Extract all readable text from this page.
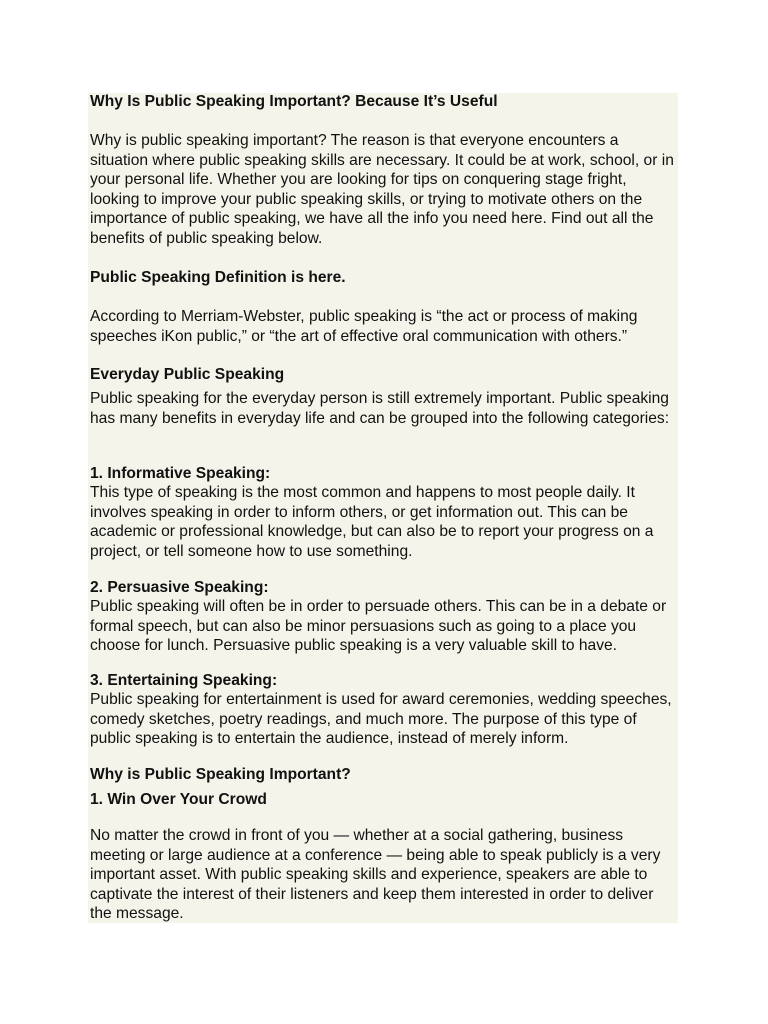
Why Is Public Speaking Important? Because It’s Useful

Why is public speaking important? The reason is that everyone encounters a situation where public speaking skills are necessary. It could be at work, school, or in your personal life. Whether you are looking for tips on conquering stage fright, looking to improve your public speaking skills, or trying to motivate others on the importance of public speaking, we have all the info you need here. Find out all the benefits of public speaking below.

Public Speaking Definition is here.

According to Merriam-Webster, public speaking is “the act or process of making speeches iKon public,” or “the art of effective oral communication with others.”

Everyday Public Speaking

Public speaking for the everyday person is still extremely important. Public speaking has many benefits in everyday life and can be grouped into the following categories:

1. Informative Speaking:

This type of speaking is the most common and happens to most people daily. It involves speaking in order to inform others, or get information out. This can be academic or professional knowledge, but can also be to report your progress on a project, or tell someone how to use something.

2. Persuasive Speaking:

Public speaking will often be in order to persuade others. This can be in a debate or formal speech, but can also be minor persuasions such as going to a place you choose for lunch. Persuasive public speaking is a very valuable skill to have.

3. Entertaining Speaking:

Public speaking for entertainment is used for award ceremonies, wedding speeches, comedy sketches, poetry readings, and much more. The purpose of this type of public speaking is to entertain the audience, instead of merely inform.

Why is Public Speaking Important?

1. Win Over Your Crowd

No matter the crowd in front of you — whether at a social gathering, business meeting or large audience at a conference — being able to speak publicly is a very important asset. With public speaking skills and experience, speakers are able to captivate the interest of their listeners and keep them interested in order to deliver the message.
